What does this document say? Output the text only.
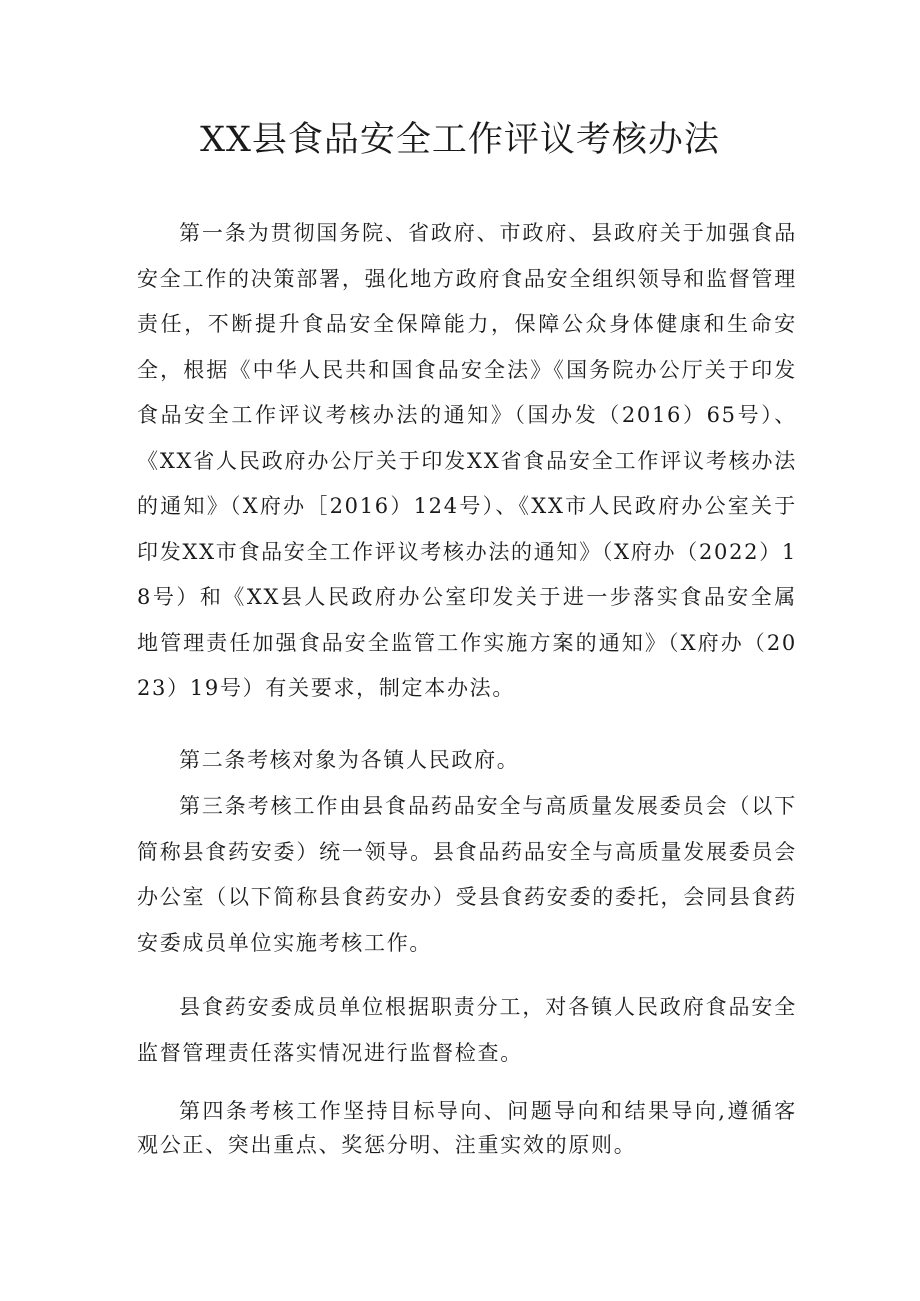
XX县食品安全工作评议考核办法

第一条为贯彻国务院、省政府、市政府、县政府关于加强食品安全工作的决策部署，强化地方政府食品安全组织领导和监督管理责任，不断提升食品安全保障能力，保障公众身体健康和生命安全，根据《中华人民共和国食品安全法》《国务院办公厅关于印发食品安全工作评议考核办法的通知》（国办发（2016）65号）、《XX省人民政府办公厅关于印发XX省食品安全工作评议考核办法的通知》（X府办［2016）124号）、《XX市人民政府办公室关于印发XX市食品安全工作评议考核办法的通知》（X府办（2022）18号）和《XX县人民政府办公室印发关于进一步落实食品安全属地管理责任加强食品安全监管工作实施方案的通知》（X府办（2023）19号）有关要求，制定本办法。

第二条考核对象为各镇人民政府。

第三条考核工作由县食品药品安全与高质量发展委员会（以下简称县食药安委）统一领导。县食品药品安全与高质量发展委员会办公室（以下简称县食药安办）受县食药安委的委托，会同县食药安委成员单位实施考核工作。

县食药安委成员单位根据职责分工，对各镇人民政府食品安全监督管理责任落实情况进行监督检查。

第四条考核工作坚持目标导向、问题导向和结果导向,遵循客观公正、突出重点、奖惩分明、注重实效的原则。
